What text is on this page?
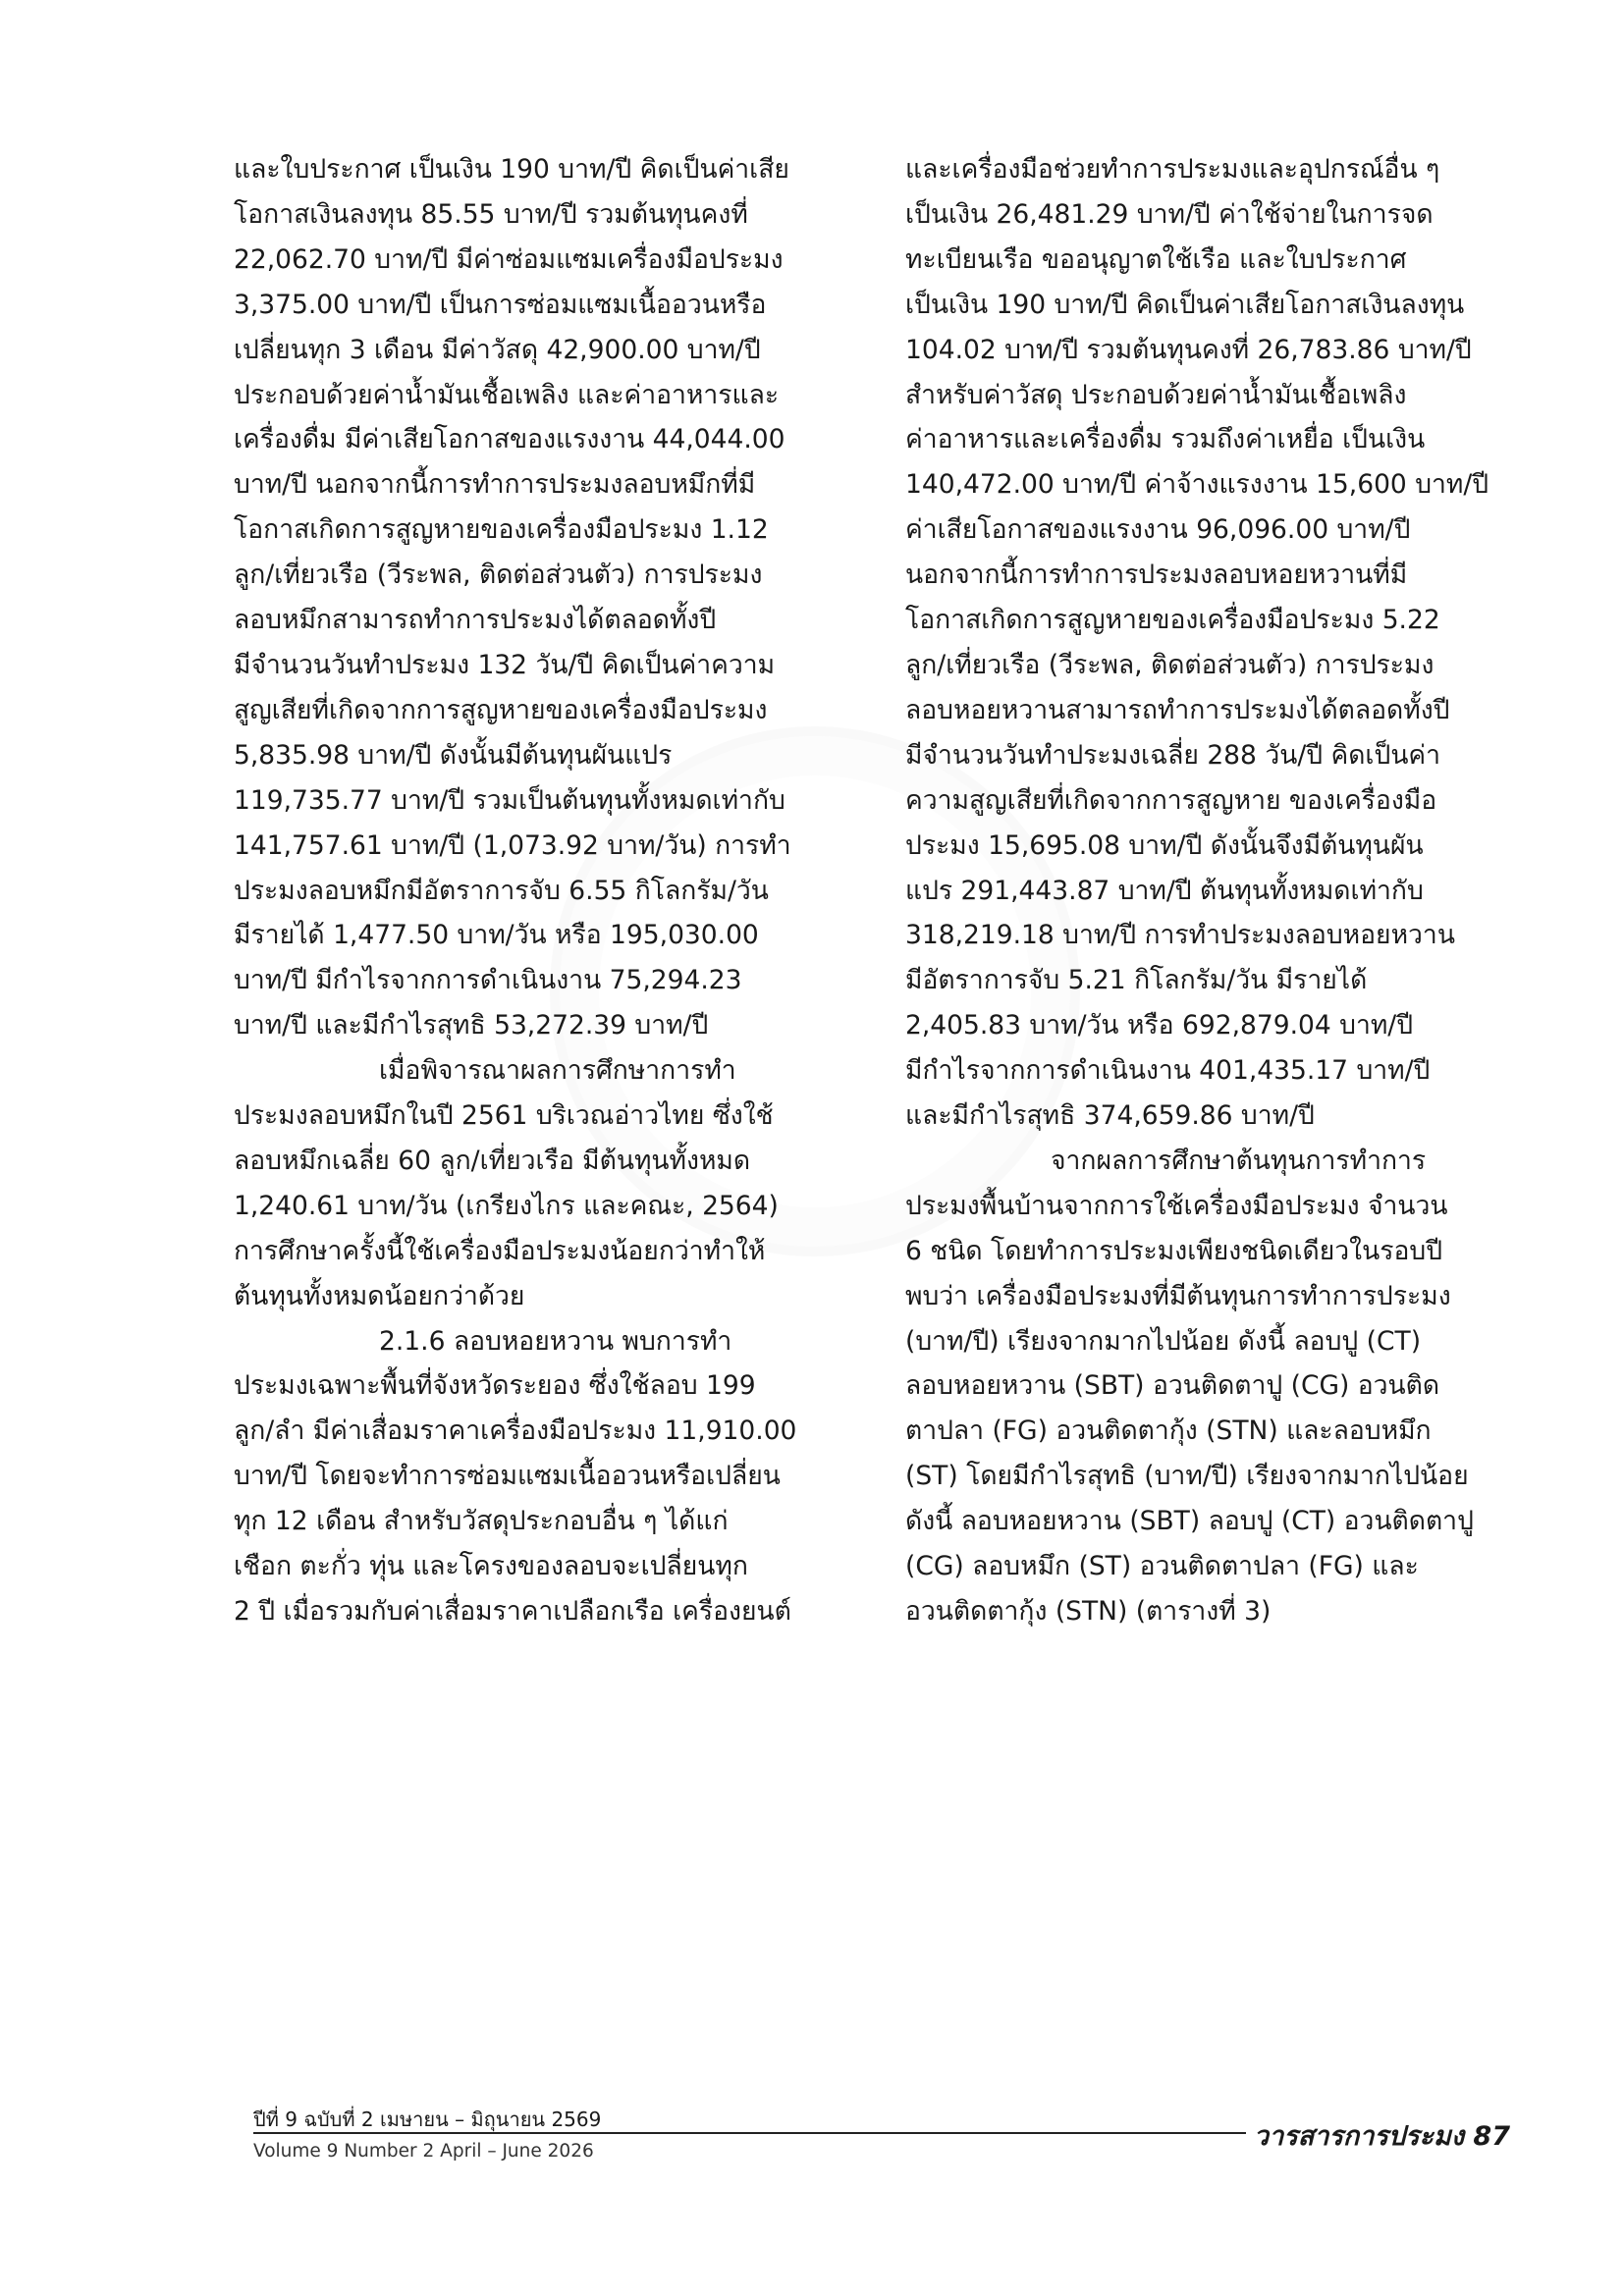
และใบประกาศ เป็นเงิน 190 บาท/ปี คิดเป็นค่าเสีย
โอกาสเงินลงทุน 85.55 บาท/ปี รวมต้นทุนคงที่
22,062.70 บาท/ปี มีค่าซ่อมแซมเครื่องมือประมง
3,375.00 บาท/ปี เป็นการซ่อมแซมเนื้ออวนหรือ
เปลี่ยนทุก 3 เดือน มีค่าวัสดุ 42,900.00 บาท/ปี
ประกอบด้วยค่าน้ำมันเชื้อเพลิง และค่าอาหารและ
เครื่องดื่ม มีค่าเสียโอกาสของแรงงาน 44,044.00
บาท/ปี นอกจากนี้การทำการประมงลอบหมึกที่มี
โอกาสเกิดการสูญหายของเครื่องมือประมง 1.12
ลูก/เที่ยวเรือ (วีระพล, ติดต่อส่วนตัว) การประมง
ลอบหมึกสามารถทำการประมงได้ตลอดทั้งปี
มีจำนวนวันทำประมง 132 วัน/ปี คิดเป็นค่าความ
สูญเสียที่เกิดจากการสูญหายของเครื่องมือประมง
5,835.98 บาท/ปี ดังนั้นมีต้นทุนผันแปร
119,735.77 บาท/ปี รวมเป็นต้นทุนทั้งหมดเท่ากับ
141,757.61 บาท/ปี (1,073.92 บาท/วัน) การทำ
ประมงลอบหมึกมีอัตราการจับ 6.55 กิโลกรัม/วัน
มีรายได้ 1,477.50 บาท/วัน หรือ 195,030.00
บาท/ปี มีกำไรจากการดำเนินงาน 75,294.23
บาท/ปี และมีกำไรสุทธิ 53,272.39 บาท/ปี
เมื่อพิจารณาผลการศึกษาการทำ
ประมงลอบหมึกในปี 2561 บริเวณอ่าวไทย ซึ่งใช้
ลอบหมึกเฉลี่ย 60 ลูก/เที่ยวเรือ มีต้นทุนทั้งหมด
1,240.61 บาท/วัน (เกรียงไกร และคณะ, 2564)
การศึกษาครั้งนี้ใช้เครื่องมือประมงน้อยกว่าทำให้
ต้นทุนทั้งหมดน้อยกว่าด้วย
2.1.6 ลอบหอยหวาน พบการทำ
ประมงเฉพาะพื้นที่จังหวัดระยอง ซึ่งใช้ลอบ 199
ลูก/ลำ มีค่าเสื่อมราคาเครื่องมือประมง 11,910.00
บาท/ปี โดยจะทำการซ่อมแซมเนื้ออวนหรือเปลี่ยน
ทุก 12 เดือน สำหรับวัสดุประกอบอื่น ๆ ได้แก่
เชือก ตะกั่ว ทุ่น และโครงของลอบจะเปลี่ยนทุก
2 ปี เมื่อรวมกับค่าเสื่อมราคาเปลือกเรือ เครื่องยนต์
และเครื่องมือช่วยทำการประมงและอุปกรณ์อื่น ๆ
เป็นเงิน 26,481.29 บาท/ปี ค่าใช้จ่ายในการจด
ทะเบียนเรือ ขออนุญาตใช้เรือ และใบประกาศ
เป็นเงิน 190 บาท/ปี คิดเป็นค่าเสียโอกาสเงินลงทุน
104.02 บาท/ปี รวมต้นทุนคงที่ 26,783.86 บาท/ปี
สำหรับค่าวัสดุ ประกอบด้วยค่าน้ำมันเชื้อเพลิง
ค่าอาหารและเครื่องดื่ม รวมถึงค่าเหยื่อ เป็นเงิน
140,472.00 บาท/ปี ค่าจ้างแรงงาน 15,600 บาท/ปี
ค่าเสียโอกาสของแรงงาน 96,096.00 บาท/ปี
นอกจากนี้การทำการประมงลอบหอยหวานที่มี
โอกาสเกิดการสูญหายของเครื่องมือประมง 5.22
ลูก/เที่ยวเรือ (วีระพล, ติดต่อส่วนตัว) การประมง
ลอบหอยหวานสามารถทำการประมงได้ตลอดทั้งปี
มีจำนวนวันทำประมงเฉลี่ย 288 วัน/ปี คิดเป็นค่า
ความสูญเสียที่เกิดจากการสูญหาย ของเครื่องมือ
ประมง 15,695.08 บาท/ปี ดังนั้นจึงมีต้นทุนผัน
แปร 291,443.87 บาท/ปี ต้นทุนทั้งหมดเท่ากับ
318,219.18 บาท/ปี การทำประมงลอบหอยหวาน
มีอัตราการจับ 5.21 กิโลกรัม/วัน มีรายได้
2,405.83 บาท/วัน หรือ 692,879.04 บาท/ปี
มีกำไรจากการดำเนินงาน 401,435.17 บาท/ปี
และมีกำไรสุทธิ 374,659.86 บาท/ปี
จากผลการศึกษาต้นทุนการทำการ
ประมงพื้นบ้านจากการใช้เครื่องมือประมง จำนวน
6 ชนิด โดยทำการประมงเพียงชนิดเดียวในรอบปี
พบว่า เครื่องมือประมงที่มีต้นทุนการทำการประมง
(บาท/ปี) เรียงจากมากไปน้อย ดังนี้ ลอบปู (CT)
ลอบหอยหวาน (SBT) อวนติดตาปู (CG) อวนติด
ตาปลา (FG) อวนติดตากุ้ง (STN) และลอบหมึก
(ST) โดยมีกำไรสุทธิ (บาท/ปี) เรียงจากมากไปน้อย
ดังนี้ ลอบหอยหวาน (SBT) ลอบปู (CT) อวนติดตาปู
(CG) ลอบหมึก (ST) อวนติดตาปลา (FG) และ
อวนติดตากุ้ง (STN) (ตารางที่ 3)
ปีที่ 9 ฉบับที่ 2 เมษายน – มิถุนายน 2569
Volume 9 Number 2 April – June 2026	วารสารการประมง 87
